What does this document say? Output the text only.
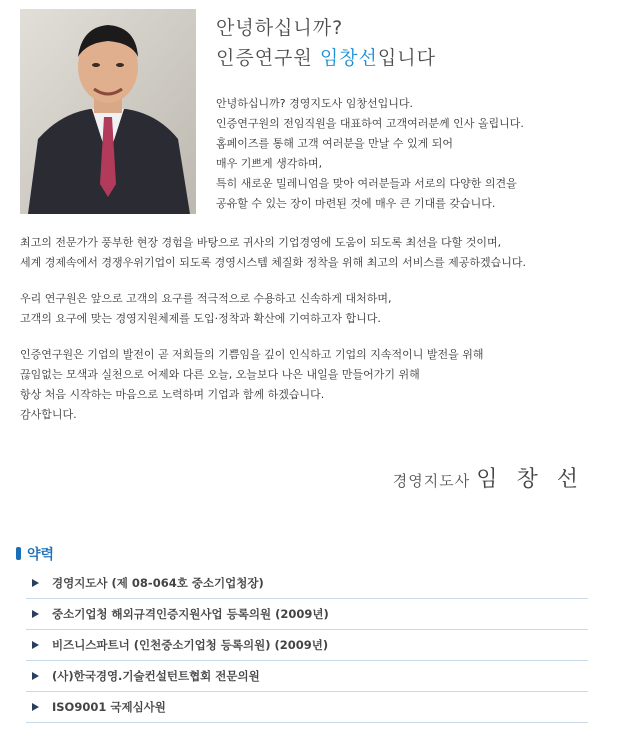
안녕하십니까?
인증연구원 임창선입니다
안녕하십니까? 경영지도사 임창선입니다.
인증연구원의 전임직원을 대표하여 고객여러분께 인사 올립니다.
홈페이즈를 통해 고객 여러분을 만날 수 있게 되어
매우 기쁘게 생각하며,
특히 새로운 밀레니엄을 맞아 여러분들과 서로의 다양한 의견을
공유할 수 있는 장이 마련된 것에 매우 큰 기대를 갖습니다.
최고의 전문가가 풍부한 현장 경험을 바탕으로 귀사의 기업경영에 도움이 되도록 최선을 다할 것이며,
세계 경제속에서 경쟁우위기업이 되도록 경영시스템 체질화 정착을 위해 최고의 서비스를 제공하겠습니다.
우리 연구원은 앞으로 고객의 요구를 적극적으로 수용하고 신속하게 대처하며,
고객의 요구에 맞는 경영지원체제를 도입·정착과 확산에 기여하고자 합니다.
인증연구원은 기업의 발전이 곧 저희들의 기쁨임을 깊이 인식하고 기업의 지속적이니 발전을 위해
끊임없는 모색과 실천으로 어제와 다른 오늘, 오늘보다 나은 내일을 만들어가기 위해
항상 처음 시작하는 마음으로 노력하며 기업과 함께 하겠습니다.
감사합니다.
경영지도사 임 창 선
약력
경영지도사 (제 08-064호 중소기업청장)
중소기업청 해외규격인증지원사업 등록의원 (2009년)
비즈니스파트너 (인천중소기업청 등록의원) (2009년)
(사)한국경영.기술컨설턴트협회 전문의원
ISO9001 국제심사원
